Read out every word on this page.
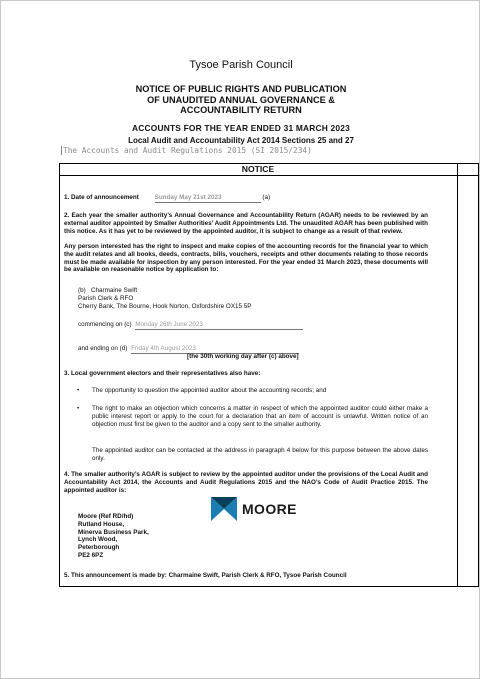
Tysoe Parish Council
NOTICE OF PUBLIC RIGHTS AND PUBLICATION
OF UNAUDITED ANNUAL GOVERNANCE &
ACCOUNTABILITY RETURN
ACCOUNTS FOR THE YEAR ENDED 31 MARCH 2023
Local Audit and Accountability Act 2014 Sections 25 and 27
The Accounts and Audit Regulations 2015 (SI 2015/234)
NOTICE
1. Date of announcement	Sunday May 21st 2023	(a)
2. Each year the smaller authority’s Annual Governance and Accountability Return (AGAR) needs to be reviewed by an external auditor appointed by Smaller Authorities’ Audit Appointments Ltd. The unaudited AGAR has been published with this notice. As it has yet to be reviewed by the appointed auditor, it is subject to change as a result of that review.
Any person interested has the right to inspect and make copies of the accounting records for the financial year to which the audit relates and all books, deeds, contracts, bills, vouchers, receipts and other documents relating to those records must be made available for inspection by any person interested. For the year ended 31 March 2023, these documents will be available on reasonable notice by application to:
(b) Charmaine Swift
Parish Clerk & RFO
Cherry Bank, The Bourne, Hook Norton, Oxfordshire OX15 5P
commencing on (c) Monday 26th June 2023
and ending on (d) Friday 4th August 2023
[the 30th working day after (c) above]
3. Local government electors and their representatives also have:
• The opportunity to question the appointed auditor about the accounting records; and
• The right to make an objection which concerns a matter in respect of which the appointed auditor could either make a public interest report or apply to the court for a declaration that an item of account is unlawful. Written notice of an objection must first be given to the auditor and a copy sent to the smaller authority.
The appointed auditor can be contacted at the address in paragraph 4 below for this purpose between the above dates only.
4. The smaller authority’s AGAR is subject to review by the appointed auditor under the provisions of the Local Audit and Accountability Act 2014, the Accounts and Audit Regulations 2015 and the NAO’s Code of Audit Practice 2015. The appointed auditor is:
MOORE
Moore (Ref RD/hd)
Rutland House,
Minerva Business Park,
Lynch Wood,
Peterborough
PE2 6PZ
5. This announcement is made by: Charmaine Swift, Parish Clerk & RFO, Tysoe Parish Council
